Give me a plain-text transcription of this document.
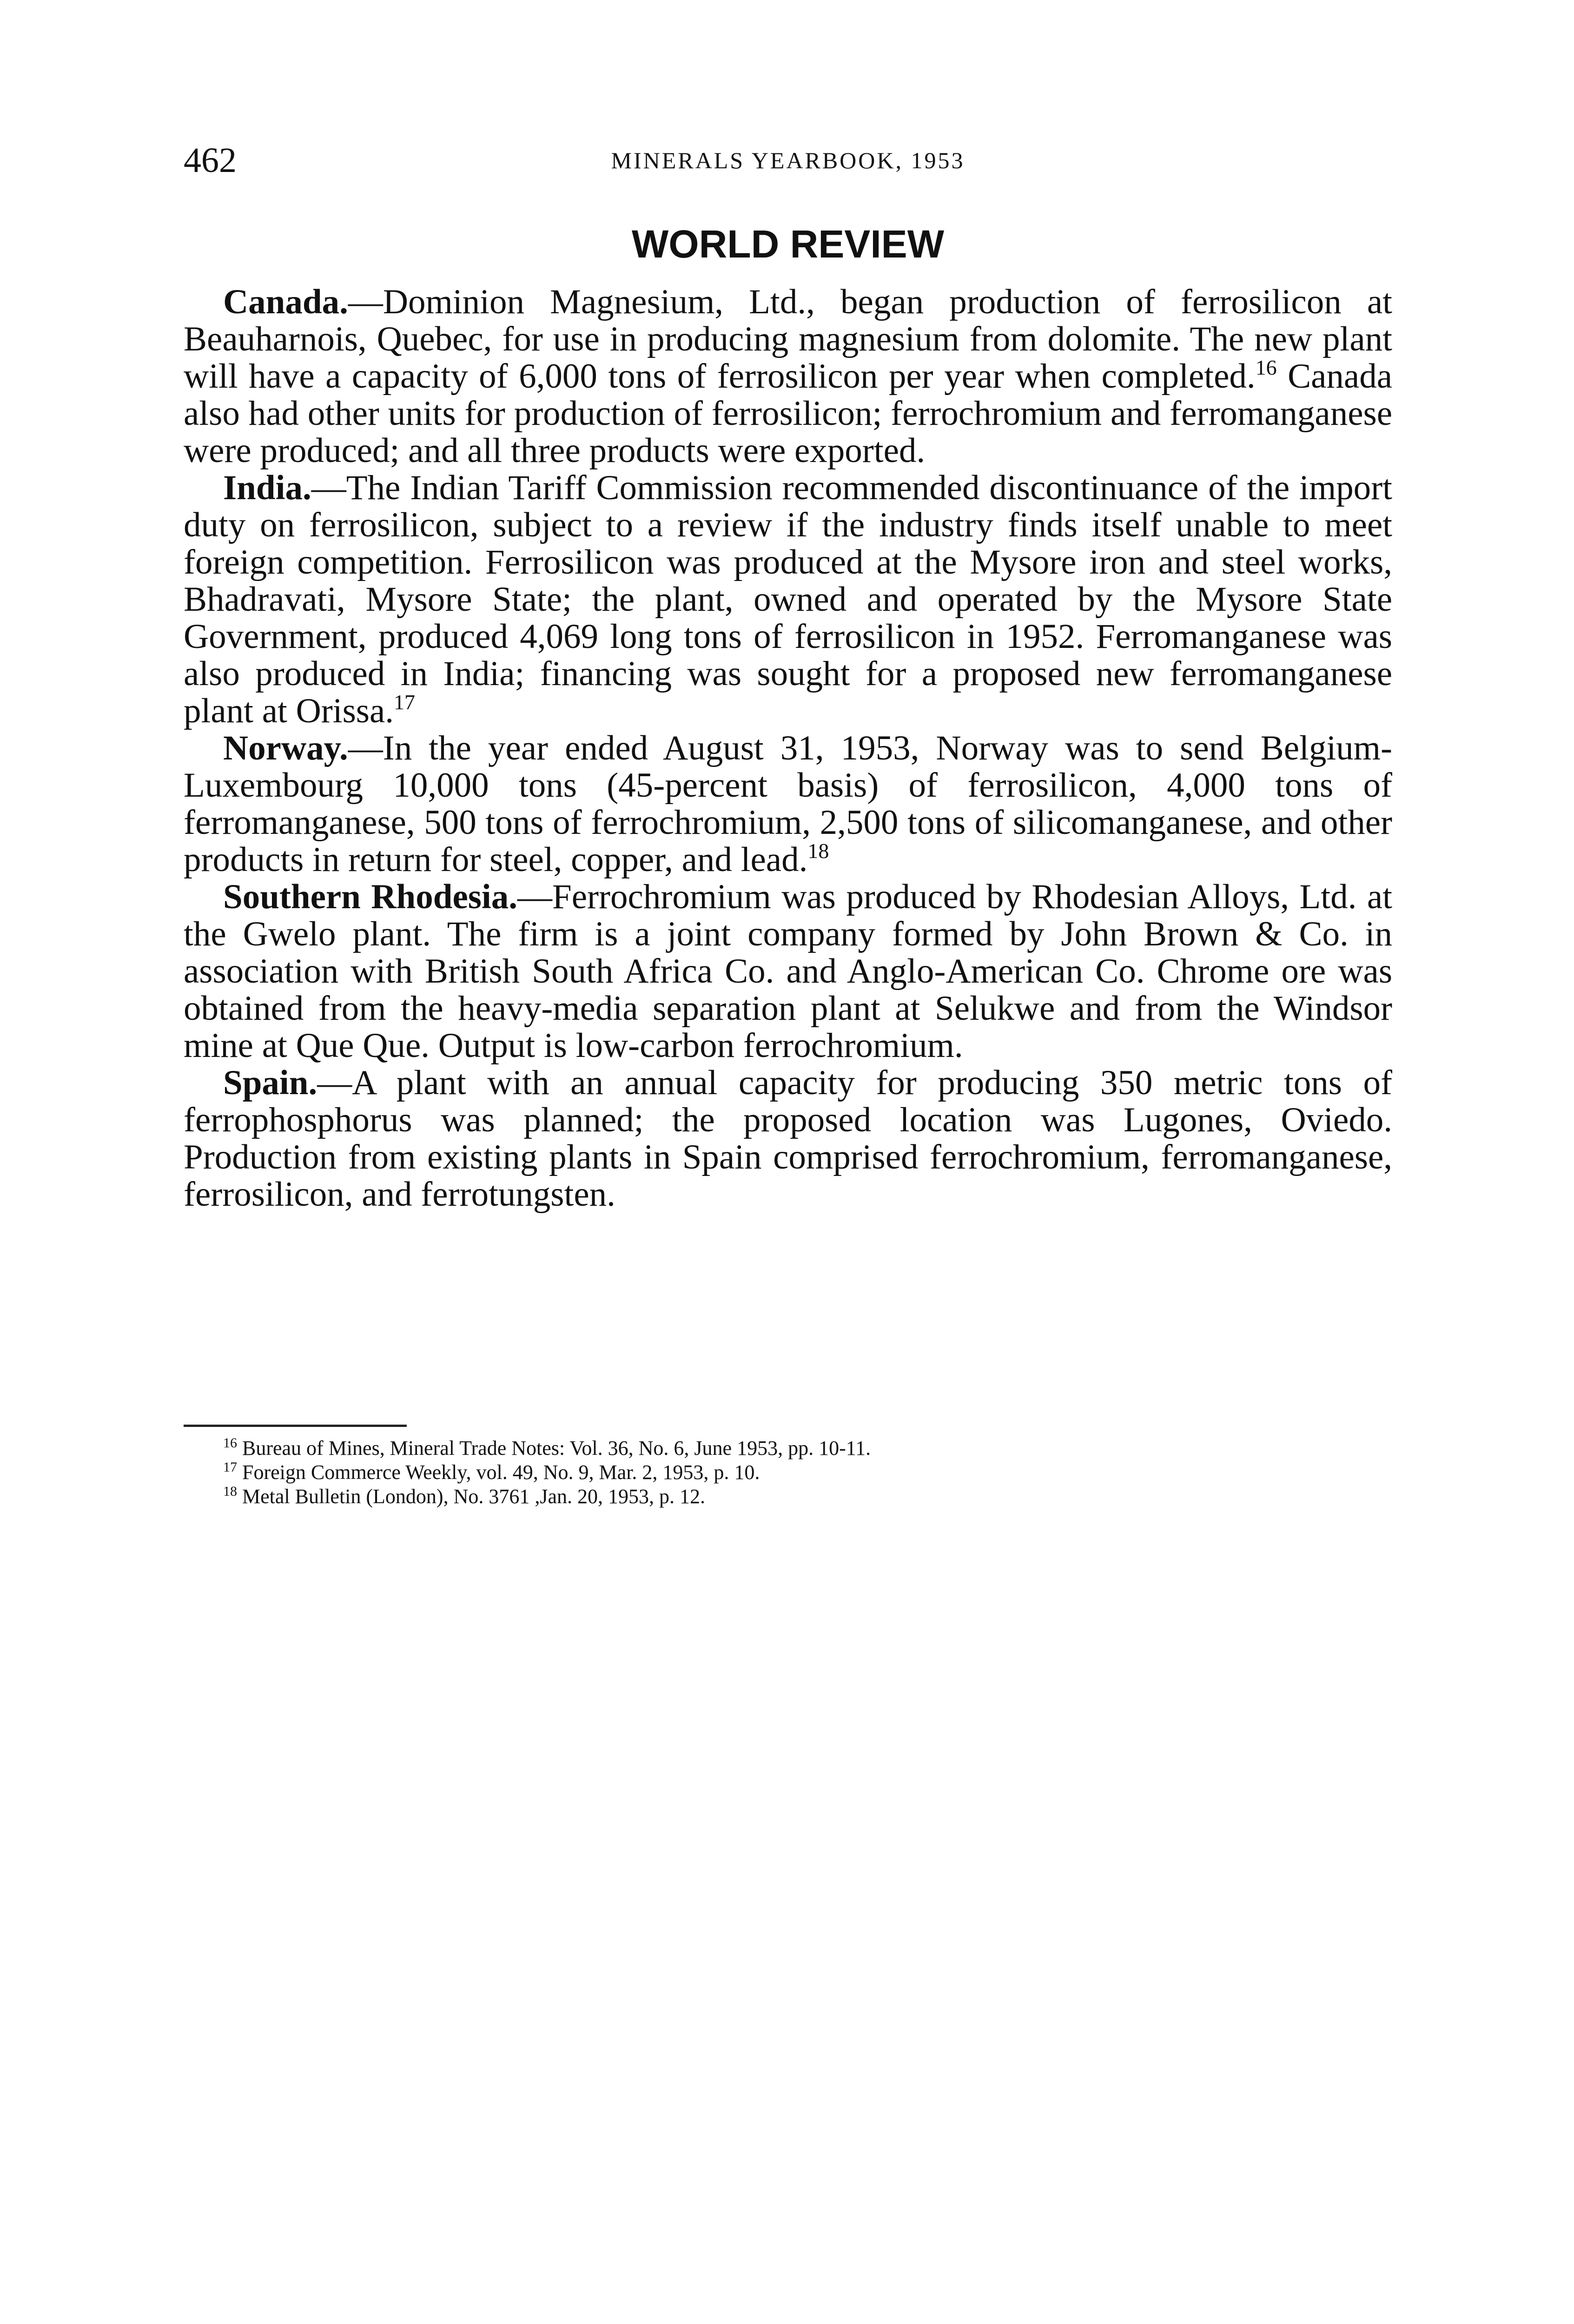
462	MINERALS YEARBOOK, 1953
WORLD REVIEW

Canada.—Dominion Magnesium, Ltd., began production of ferrosilicon at Beauharnois, Quebec, for use in producing magnesium from dolomite. The new plant will have a capacity of 6,000 tons of ferrosilicon per year when completed.$^{16}$ Canada also had other units for production of ferrosilicon; ferrochromium and ferromanganese were produced; and all three products were exported.

India.—The Indian Tariff Commission recommended discontinuance of the import duty on ferrosilicon, subject to a review if the industry finds itself unable to meet foreign competition. Ferrosilicon was produced at the Mysore iron and steel works, Bhadravati, Mysore State; the plant, owned and operated by the Mysore State Government, produced 4,069 long tons of ferrosilicon in 1952. Ferromanganese was also produced in India; financing was sought for a proposed new ferromanganese plant at Orissa.$^{17}$

Norway.—In the year ended August 31, 1953, Norway was to send Belgium-Luxembourg 10,000 tons (45-percent basis) of ferrosilicon, 4,000 tons of ferromanganese, 500 tons of ferrochromium, 2,500 tons of silicomanganese, and other products in return for steel, copper, and lead.$^{18}$

Southern Rhodesia.—Ferrochromium was produced by Rhodesian Alloys, Ltd. at the Gwelo plant. The firm is a joint company formed by John Brown & Co. in association with British South Africa Co. and Anglo-American Co. Chrome ore was obtained from the heavy-media separation plant at Selukwe and from the Windsor mine at Que Que. Output is low-carbon ferrochromium.

Spain.—A plant with an annual capacity for producing 350 metric tons of ferrophosphorus was planned; the proposed location was Lugones, Oviedo. Production from existing plants in Spain comprised ferrochromium, ferromanganese, ferrosilicon, and ferrotungsten.

$^{16}$ Bureau of Mines, Mineral Trade Notes: Vol. 36, No. 6, June 1953, pp. 10-11.

$^{17}$ Foreign Commerce Weekly, vol. 49, No. 9, Mar. 2, 1953, p. 10.

$^{18}$ Metal Bulletin (London), No. 3761 ,Jan. 20, 1953, p. 12.
